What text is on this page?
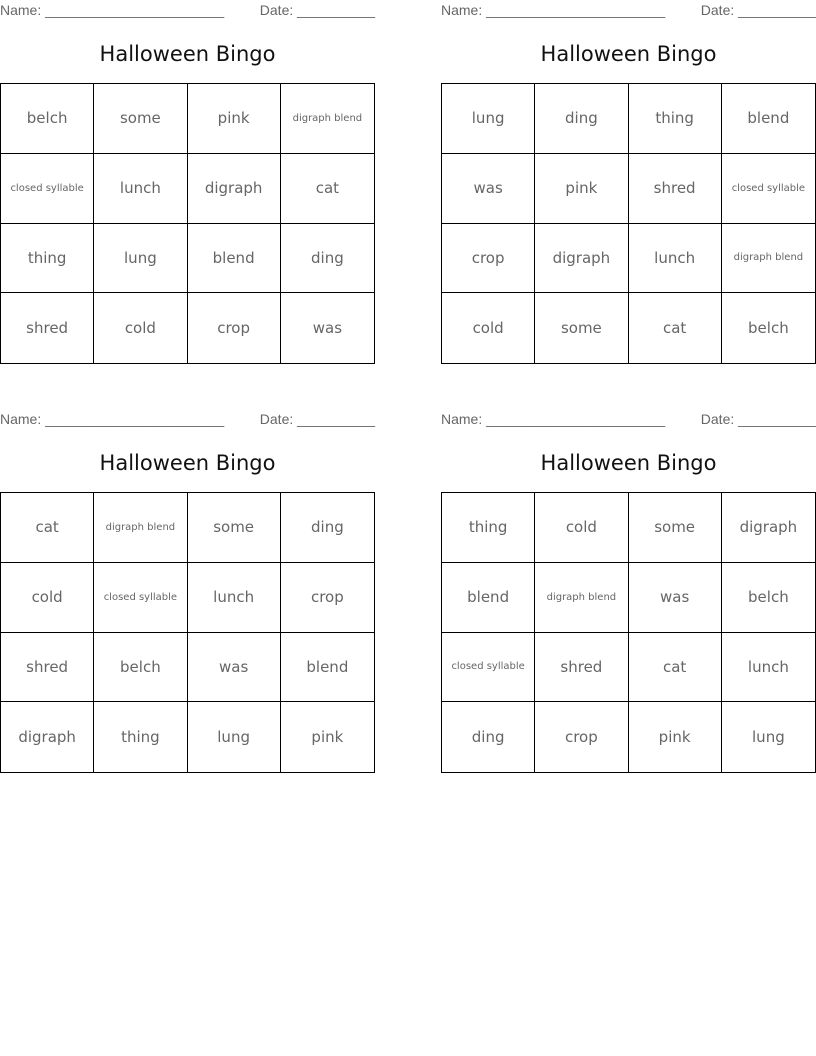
Name: _______________________	Date: __________
Halloween Bingo
belch	some	pink	digraph blend
closed syllable	lunch	digraph	cat
thing	lung	blend	ding
shred	cold	crop	was
Name: _______________________	Date: __________
Halloween Bingo
lung	ding	thing	blend
was	pink	shred	closed syllable
crop	digraph	lunch	digraph blend
cold	some	cat	belch
Name: _______________________	Date: __________
Halloween Bingo
cat	digraph blend	some	ding
cold	closed syllable	lunch	crop
shred	belch	was	blend
digraph	thing	lung	pink
Name: _______________________	Date: __________
Halloween Bingo
thing	cold	some	digraph
blend	digraph blend	was	belch
closed syllable	shred	cat	lunch
ding	crop	pink	lung
